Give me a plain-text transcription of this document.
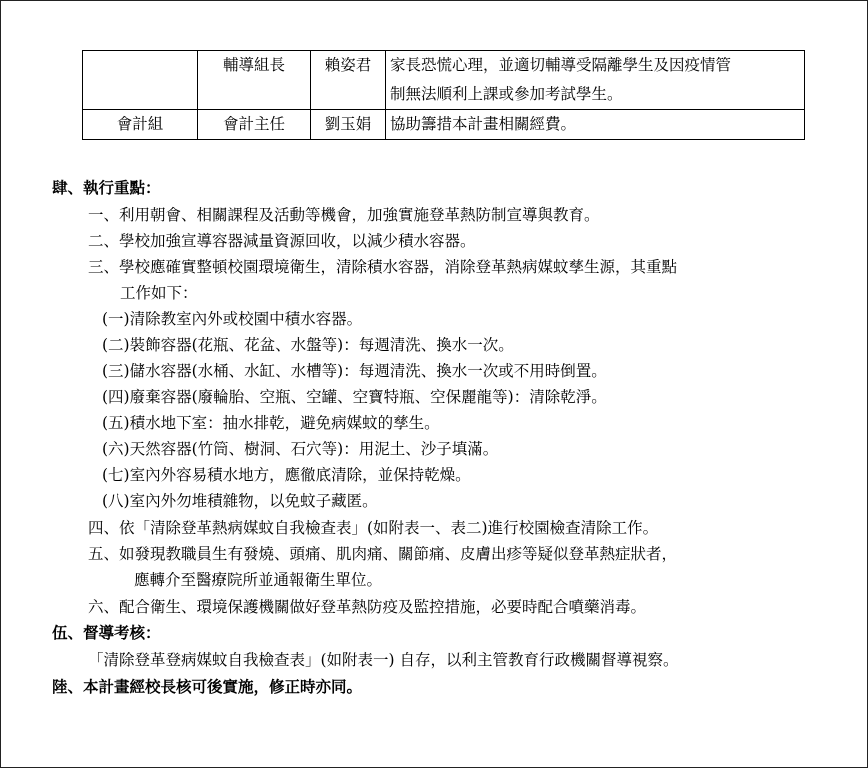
	輔導組長	賴姿君	家長恐慌心理，並適切輔導受隔離學生及因疫情管
制無法順利上課或參加考試學生。

會計組	會計主任	劉玉娟	協助籌措本計畫相關經費。
肆、執行重點：
一、利用朝會、相關課程及活動等機會，加強實施登革熱防制宣導與教育。
二、學校加強宣導容器減量資源回收，以減少積水容器。
三、學校應確實整頓校園環境衛生，清除積水容器，消除登革熱病媒蚊孳生源，其重點
工作如下：
(一)清除教室內外或校園中積水容器。
(二)裝飾容器(花瓶、花盆、水盤等)：每週清洗、換水一次。
(三)儲水容器(水桶、水缸、水槽等)：每週清洗、換水一次或不用時倒置。
(四)廢棄容器(廢輪胎、空瓶、空罐、空寶特瓶、空保麗龍等)：清除乾淨。
(五)積水地下室：抽水排乾，避免病媒蚊的孳生。
(六)天然容器(竹筒、樹洞、石穴等)：用泥土、沙子填滿。
(七)室內外容易積水地方，應徹底清除，並保持乾燥。
(八)室內外勿堆積雜物，以免蚊子藏匿。
四、依「清除登革熱病媒蚊自我檢查表」(如附表一、表二)進行校園檢查清除工作。
五、如發現教職員生有發燒、頭痛、肌肉痛、關節痛、皮膚出疹等疑似登革熱症狀者，
應轉介至醫療院所並通報衛生單位。
六、配合衛生、環境保護機關做好登革熱防疫及監控措施，必要時配合噴藥消毒。
伍、督導考核：
「清除登革登病媒蚊自我檢查表」(如附表一) 自存，以利主管教育行政機關督導視察。
陸、本計畫經校長核可後實施，修正時亦同。
